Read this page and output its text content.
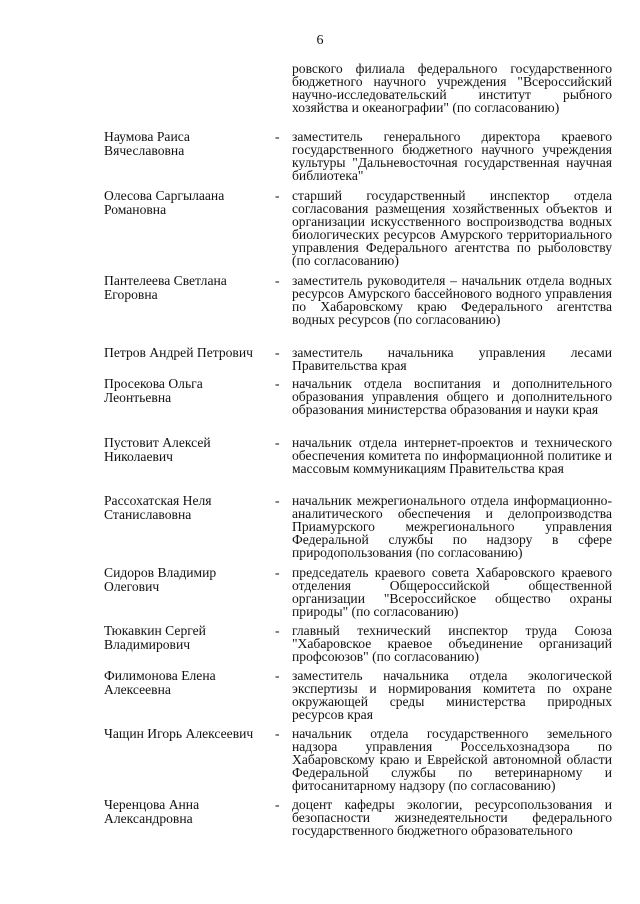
6
ровского филиала федерального государственного бюджетного научного учреждения "Всероссийский научно-исследовательский институт рыбного хозяйства и океанографии" (по согласованию)
Наумова Раиса Вячеславовна
- заместитель генерального директора краевого государственного бюджетного научного учреждения культуры "Дальневосточная государственная научная библиотека"
Олесова Саргылаана Романовна
- старший государственный инспектор отдела согласования размещения хозяйственных объектов и организации искусственного воспроизводства водных биологических ресурсов Амурского территориального управления Федерального агентства по рыболовству (по согласованию)
Пантелеева Светлана Егоровна
- заместитель руководителя – начальник отдела водных ресурсов Амурского бассейнового водного управления по Хабаровскому краю Федерального агентства водных ресурсов (по согласованию)
Петров Андрей Петрович	- заместитель начальника управления лесами Правительства края
Просекова Ольга Леонтьевна
- начальник отдела воспитания и дополнительного образования управления общего и дополнительного образования министерства образования и науки края
Пустовит Алексей Николаевич
- начальник отдела интернет-проектов и технического обеспечения комитета по информационной политике и массовым коммуникациям Правительства края
Рассохатская Неля Станиславовна
- начальник межрегионального отдела информационно-аналитического обеспечения и делопроизводства Приамурского межрегионального управления Федеральной службы по надзору в сфере природопользования (по согласованию)
Сидоров Владимир Олегович
- председатель краевого совета Хабаровского краевого отделения Общероссийской общественной организации "Всероссийское общество охраны природы" (по согласованию)
Тюкавкин Сергей Владимирович
- главный технический инспектор труда Союза "Хабаровское краевое объединение организаций профсоюзов" (по согласованию)
Филимонова Елена Алексеевна
- заместитель начальника отдела экологической экспертизы и нормирования комитета по охране окружающей среды министерства природных ресурсов края
Чащин Игорь Алексеевич	- начальник отдела государственного земельного надзора управления Россельхознадзора по Хабаровскому краю и Еврейской автономной области Федеральной службы по ветеринарному и фитосанитарному надзору (по согласованию)
Черенцова Анна Александровна
- доцент кафедры экологии, ресурсопользования и безопасности жизнедеятельности федерального государственного бюджетного образовательного
